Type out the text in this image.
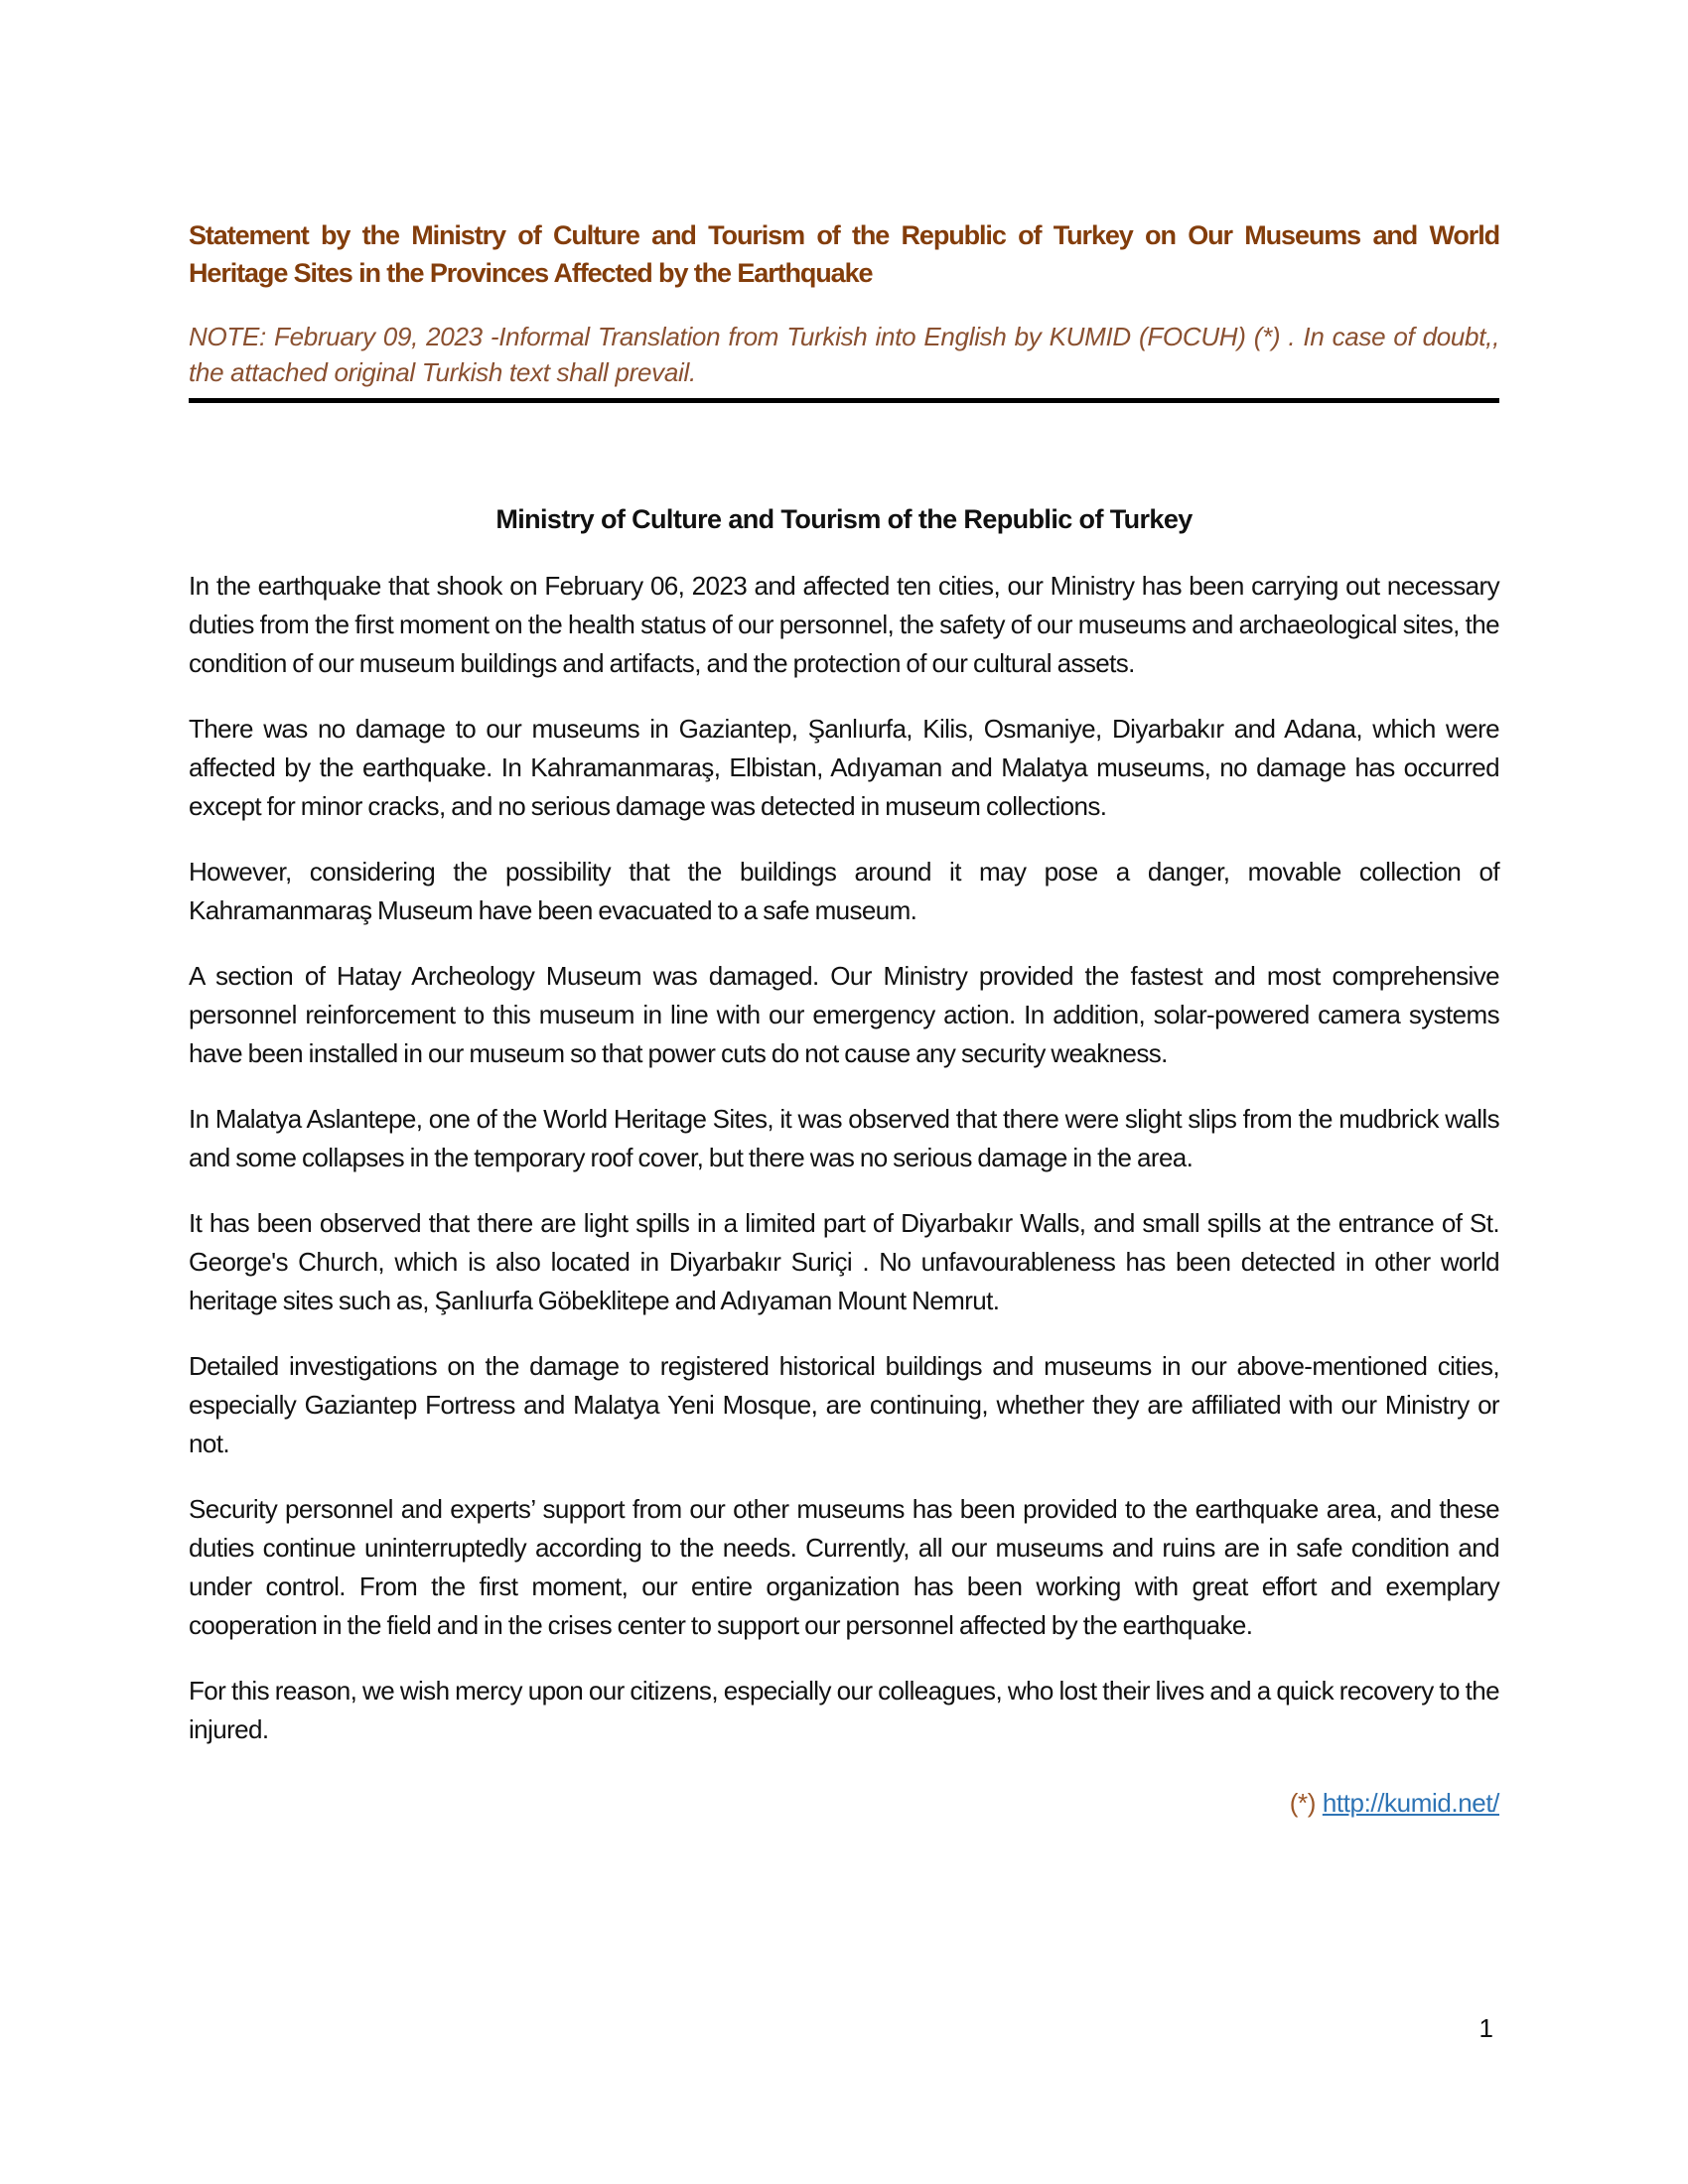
Statement by the Ministry of Culture and Tourism of the Republic of Turkey on Our Museums and World Heritage Sites in the Provinces Affected by the Earthquake

NOTE: February 09, 2023 -Informal Translation from Turkish into English by KUMID (FOCUH) (*) . In case of doubt,, the attached original Turkish text shall prevail.

Ministry of Culture and Tourism of the Republic of Turkey

In the earthquake that shook on February 06, 2023 and affected ten cities, our Ministry has been carrying out necessary duties from the first moment on the health status of our personnel, the safety of our museums and archaeological sites, the condition of our museum buildings and artifacts, and the protection of our cultural assets.

There was no damage to our museums in Gaziantep, Şanlıurfa, Kilis, Osmaniye, Diyarbakır and Adana, which were affected by the earthquake. In Kahramanmaraş, Elbistan, Adıyaman and Malatya museums, no damage has occurred except for minor cracks, and no serious damage was detected in museum collections.

However, considering the possibility that the buildings around it may pose a danger, movable collection of Kahramanmaraş Museum have been evacuated to a safe museum.

A section of Hatay Archeology Museum was damaged. Our Ministry provided the fastest and most comprehensive personnel reinforcement to this museum in line with our emergency action. In addition, solar-powered camera systems have been installed in our museum so that power cuts do not cause any security weakness.

In Malatya Aslantepe, one of the World Heritage Sites, it was observed that there were slight slips from the mudbrick walls and some collapses in the temporary roof cover, but there was no serious damage in the area.

It has been observed that there are light spills in a limited part of Diyarbakır Walls, and small spills at the entrance of St. George's Church, which is also located in Diyarbakır Suriçi . No unfavourableness has been detected in other world heritage sites such as, Şanlıurfa Göbeklitepe and Adıyaman Mount Nemrut.

Detailed investigations on the damage to registered historical buildings and museums in our above-mentioned cities, especially Gaziantep Fortress and Malatya Yeni Mosque, are continuing, whether they are affiliated with our Ministry or not.

Security personnel and experts’ support from our other museums has been provided to the earthquake area, and these duties continue uninterruptedly according to the needs. Currently, all our museums and ruins are in safe condition and under control. From the first moment, our entire organization has been working with great effort and exemplary cooperation in the field and in the crises center to support our personnel affected by the earthquake.

For this reason, we wish mercy upon our citizens, especially our colleagues, who lost their lives and a quick recovery to the injured.

(*) http://kumid.net/

1
